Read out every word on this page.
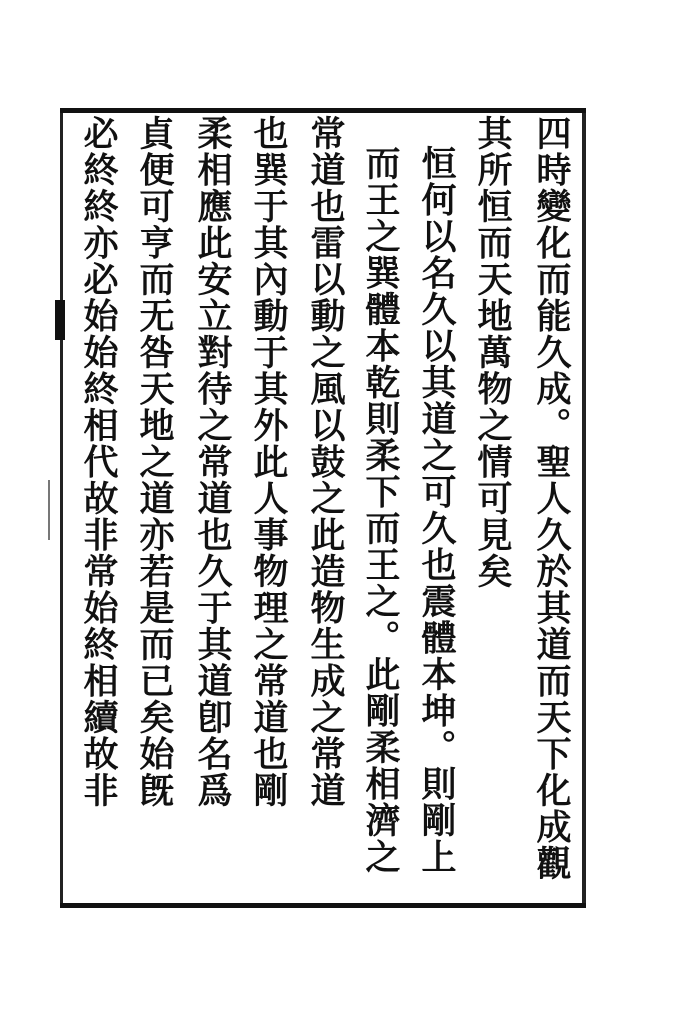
四時變化而能久成。聖人久於其道而天下化成觀
其所恒而天地萬物之情可見矣
恒何以名久以其道之可久也震體本坤。則剛上
而王之巽體本乾則柔下而王之。此剛柔相濟之
常道也雷以動之風以鼓之此造物生成之常道
也巽于其內動于其外此人事物理之常道也剛
柔相應此安立對待之常道也久于其道卽名爲
貞便可亨而无咎天地之道亦若是而已矣始旣
必終終亦必始始終相代故非常始終相續故非
